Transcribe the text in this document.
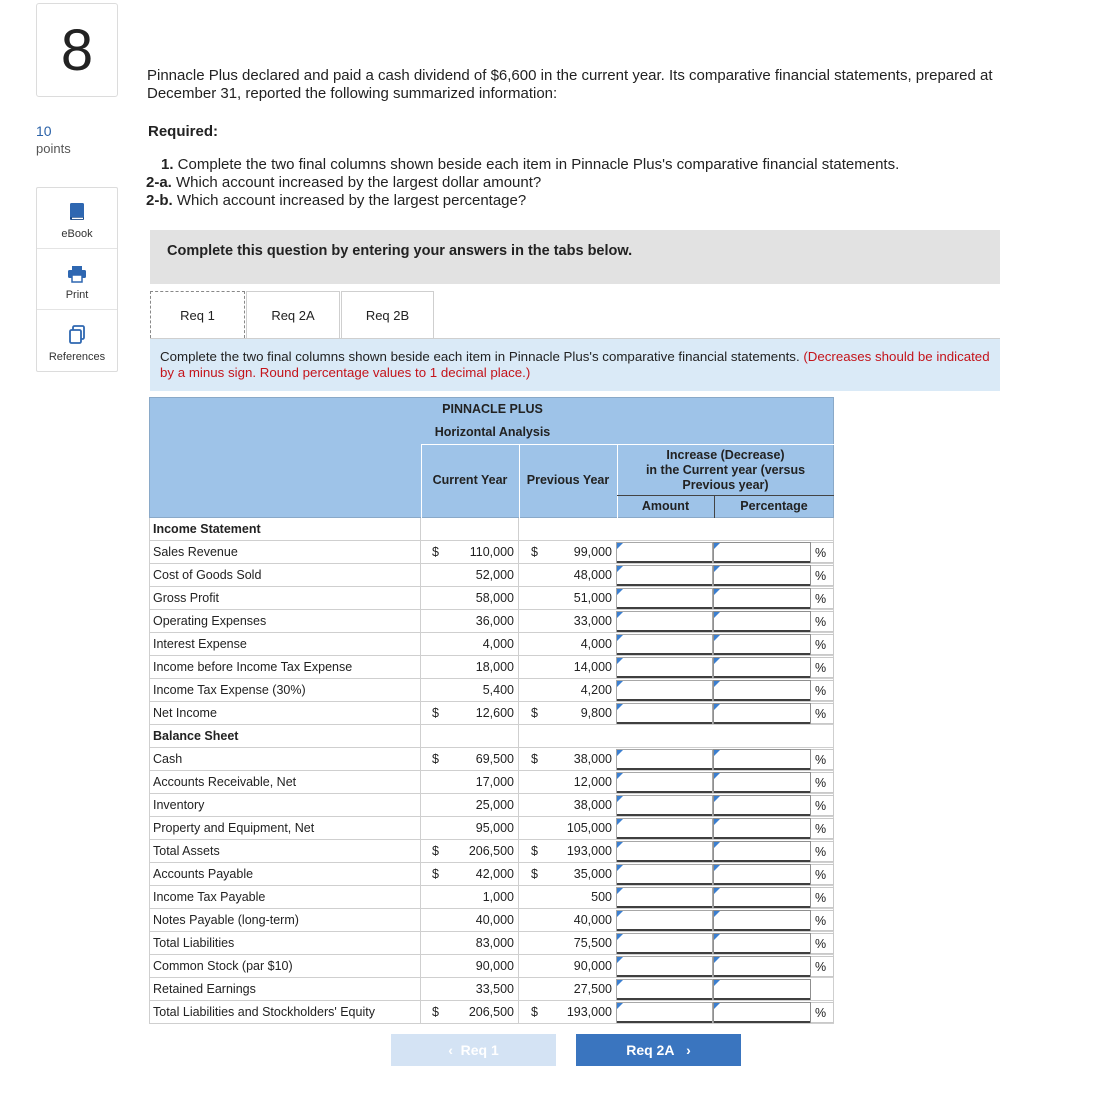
8
10
points
eBook
Print
References
Pinnacle Plus declared and paid a cash dividend of $6,600 in the current year. Its comparative financial statements, prepared at December 31, reported the following summarized information:
Required:
1. Complete the two final columns shown beside each item in Pinnacle Plus's comparative financial statements.
2-a. Which account increased by the largest dollar amount?
2-b. Which account increased by the largest percentage?
Complete this question by entering your answers in the tabs below.
Req 1	Req 2A	Req 2B
Complete the two final columns shown beside each item in Pinnacle Plus's comparative financial statements. (Decreases should be indicated by a minus sign. Round percentage values to 1 decimal place.)
PINNACLE PLUS
Horizontal Analysis
Current Year	Previous Year
Increase (Decrease)
in the Current year (versus
Previous year)
Amount	Percentage
Income Statement
Sales Revenue	$ 110,000 $	99,000	%
Cost of Goods Sold	52,000	48,000	%
Gross Profit	58,000	51,000	%
Operating Expenses	36,000	33,000	%
Interest Expense	4,000	4,000	%
Income before Income Tax Expense	18,000	14,000	%
Income Tax Expense (30%)	5,400	4,200	%
Net Income	$	12,600 $	9,800	%
Balance Sheet
Cash	$	69,500 $	38,000	%
Accounts Receivable, Net	17,000	12,000	%
Inventory	25,000	38,000	%
Property and Equipment, Net	95,000	105,000	%
Total Assets	$ 206,500 $ 193,000	%
Accounts Payable	$	42,000 $	35,000	%
Income Tax Payable	1,000	500	%
Notes Payable (long-term)	40,000	40,000	%
Total Liabilities	83,000	75,500	%
Common Stock (par $10)	90,000	90,000	%
Retained Earnings	33,500	27,500
Total Liabilities and Stockholders' Equity	$ 206,500 $ 193,000	%
‹  Req 1	Req 2A   ›
